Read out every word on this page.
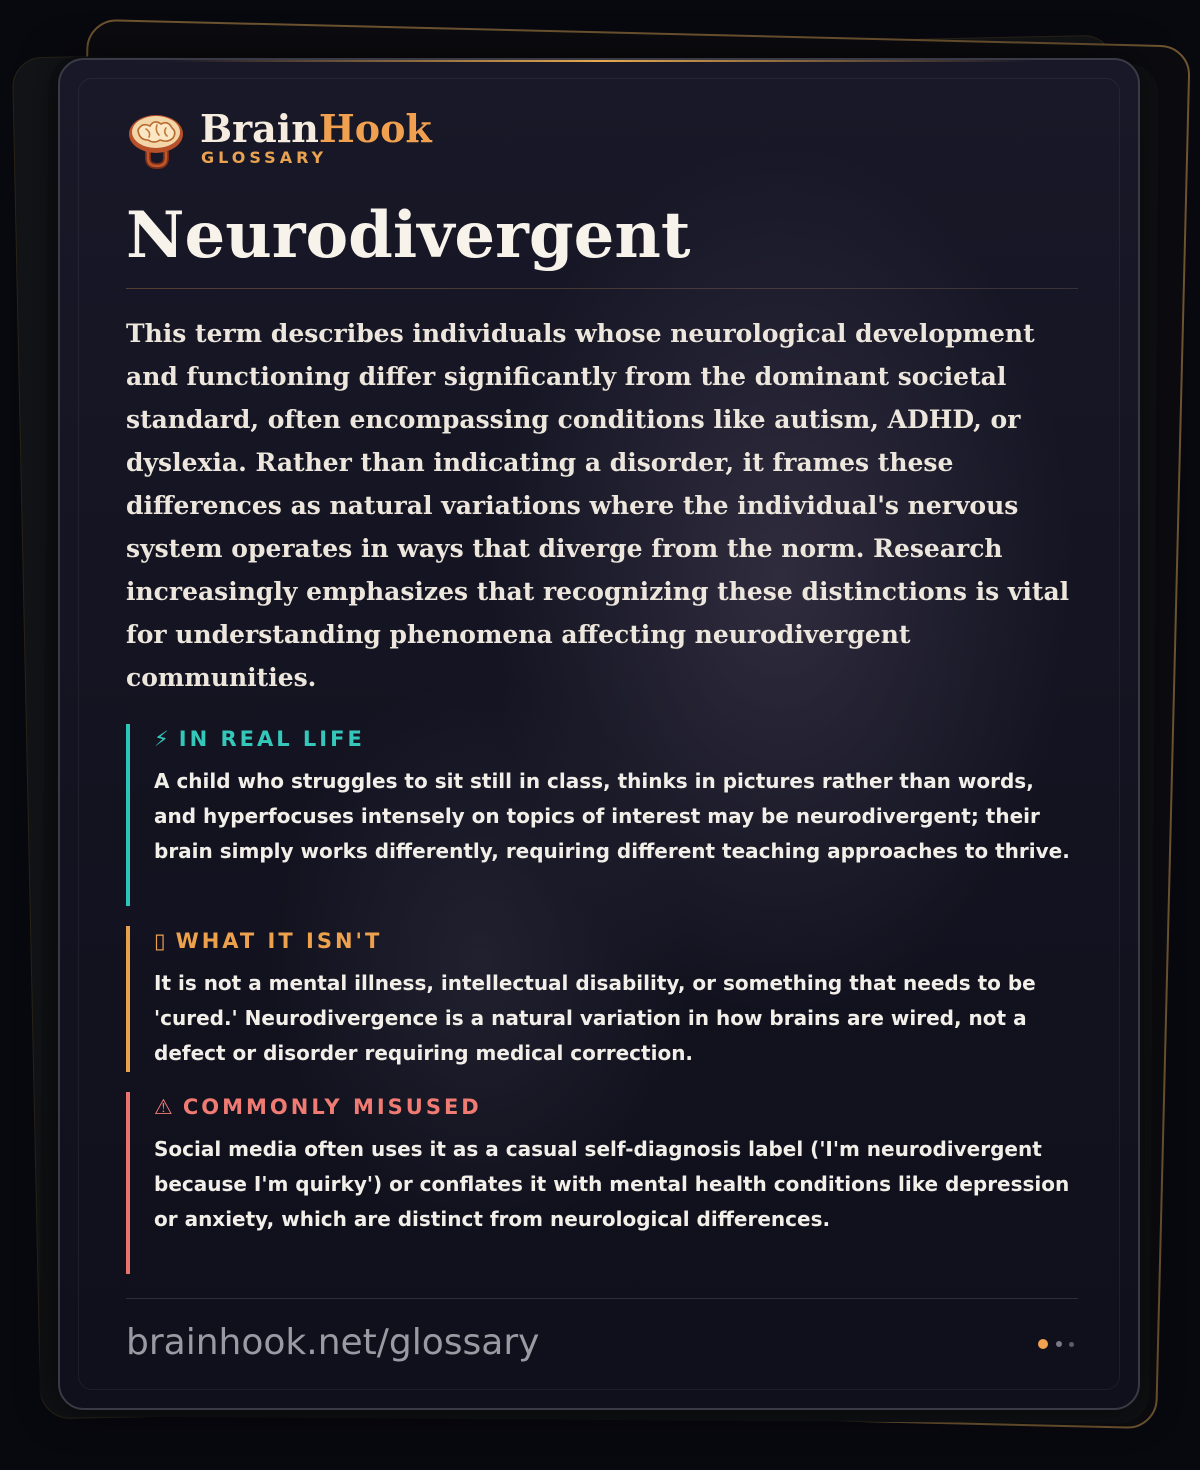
BrainHook
GLOSSARY
Neurodivergent

This term describes individuals whose neurological development and functioning differ significantly from the dominant societal standard, often encompassing conditions like autism, ADHD, or dyslexia. Rather than indicating a disorder, it frames these differences as natural variations where the individual's nervous system operates in ways that diverge from the norm. Research increasingly emphasizes that recognizing these distinctions is vital for understanding phenomena affecting neurodivergent communities.

⚡ IN REAL LIFE
A child who struggles to sit still in class, thinks in pictures rather than words, and hyperfocuses intensely on topics of interest may be neurodivergent; their brain simply works differently, requiring different teaching approaches to thrive.
▯ WHAT IT ISN'T
It is not a mental illness, intellectual disability, or something that needs to be 'cured.' Neurodivergence is a natural variation in how brains are wired, not a defect or disorder requiring medical correction.
⚠ COMMONLY MISUSED
Social media often uses it as a casual self-diagnosis label ('I'm neurodivergent because I'm quirky') or conflates it with mental health conditions like depression or anxiety, which are distinct from neurological differences.
brainhook.net/glossary
